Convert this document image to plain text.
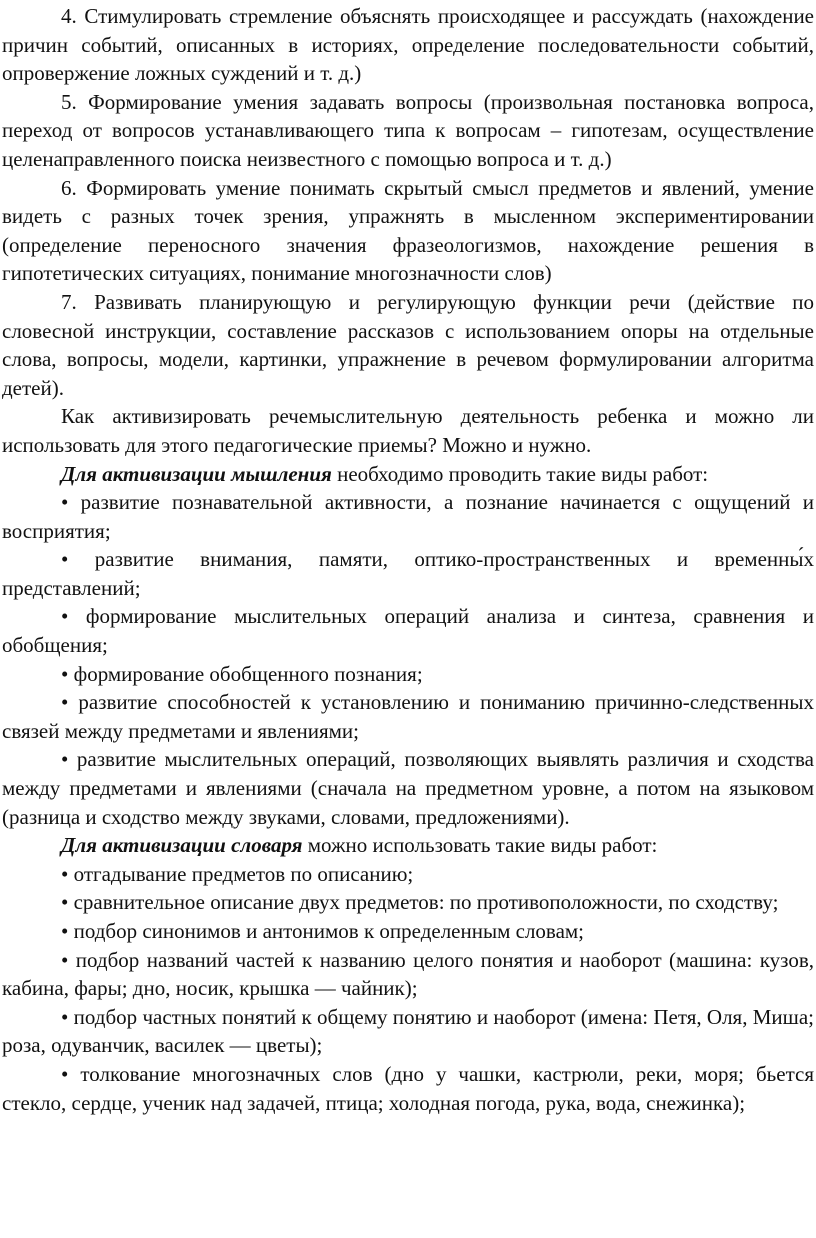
4. Стимулировать стремление объяснять происходящее и рассуждать (нахождение причин событий, описанных в историях, определение последовательности событий, опровержение ложных суждений и т. д.)

5. Формирование умения задавать вопросы (произвольная постановка вопроса, переход от вопросов устанавливающего типа к вопросам – гипотезам, осуществление целенаправленного поиска неизвестного с помощью вопроса и т. д.)

6. Формировать умение понимать скрытый смысл предметов и явлений, умение видеть с разных точек зрения, упражнять в мысленном экспериментировании (определение переносного значения фразеологизмов, нахождение решения в гипотетических ситуациях, понимание многозначности слов)

7. Развивать планирующую и регулирующую функции речи (действие по словесной инструкции, составление рассказов с использованием опоры на отдельные слова, вопросы, модели, картинки, упражнение в речевом формулировании алгоритма детей).

Как активизировать речемыслительную деятельность ребенка и можно ли использовать для этого педагогические приемы? Можно и нужно.

Для активизации мышления необходимо проводить такие виды работ:

• развитие познавательной активности, а познание начинается с ощущений и восприятия;

• развитие внимания, памяти, оптико-пространственных и временны́х представлений;

• формирование мыслительных операций анализа и синтеза, сравнения и обобщения;

• формирование обобщенного познания;

• развитие способностей к установлению и пониманию причинно-следственных связей между предметами и явлениями;

• развитие мыслительных операций, позволяющих выявлять различия и сходства между предметами и явлениями (сначала на предметном уровне, а потом на языковом (разница и сходство между звуками, словами, предложениями).

Для активизации словаря можно использовать такие виды работ:

• отгадывание предметов по описанию;

• сравнительное описание двух предметов: по противоположности, по сходству;

• подбор синонимов и антонимов к определенным словам;

• подбор названий частей к названию целого понятия и наоборот (машина: кузов, кабина, фары; дно, носик, крышка — чайник);

• подбор частных понятий к общему понятию и наоборот (имена: Петя, Оля, Миша; роза, одуванчик, василек — цветы);

• толкование многозначных слов (дно у чашки, кастрюли, реки, моря; бьется стекло, сердце, ученик над задачей, птица; холодная погода, рука, вода, снежинка);
